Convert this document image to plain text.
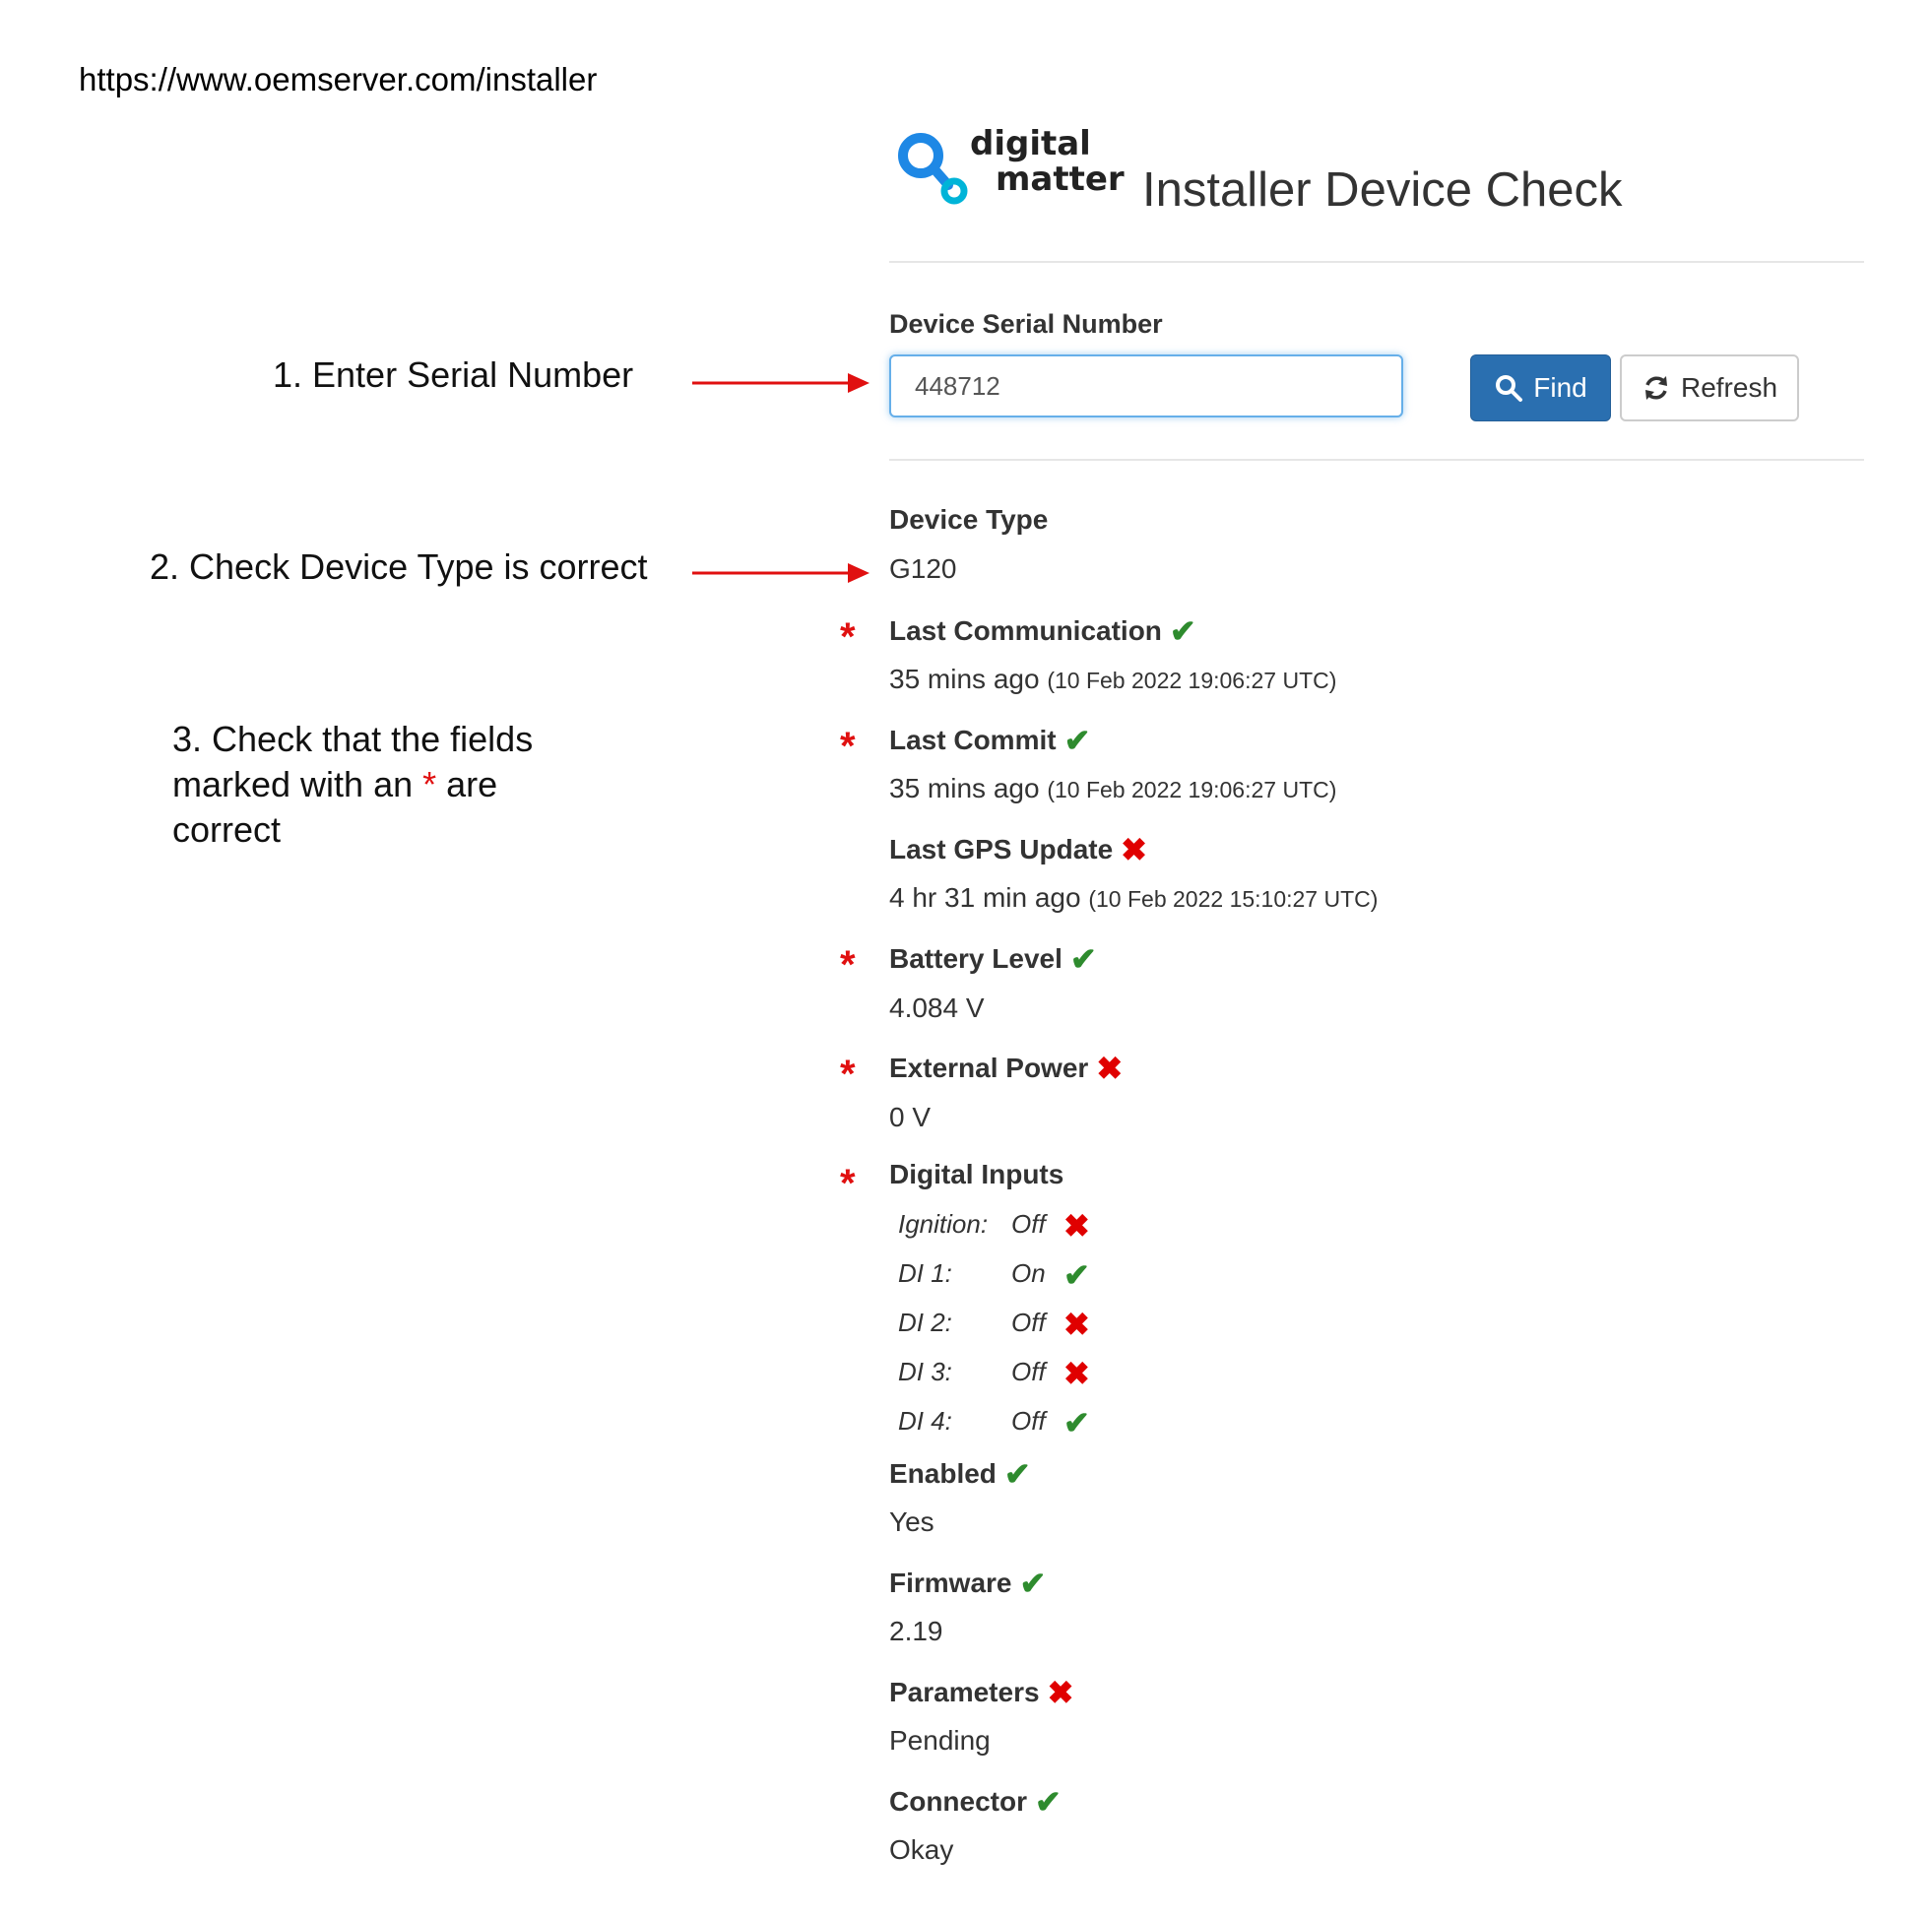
https://www.oemserver.com/installer
digital
matter Installer Device Check
Device Serial Number
448712
Find	Refresh
1. Enter Serial Number
2. Check Device Type is correct
3. Check that the fields marked with an * are correct
Device Type
G120
* Last Communication ✔
35 mins ago (10 Feb 2022 19:06:27 UTC)
* Last Commit ✔
35 mins ago (10 Feb 2022 19:06:27 UTC)
Last GPS Update ✖
4 hr 31 min ago (10 Feb 2022 15:10:27 UTC)
* Battery Level ✔
4.084 V
* External Power ✖
0 V
* Digital Inputs
Ignition: Off ✖
DI 1: On ✔
DI 2: Off ✖
DI 3: Off ✖
DI 4: Off ✔
Enabled ✔
Yes
Firmware ✔
2.19
Parameters ✖
Pending
Connector ✔
Okay
